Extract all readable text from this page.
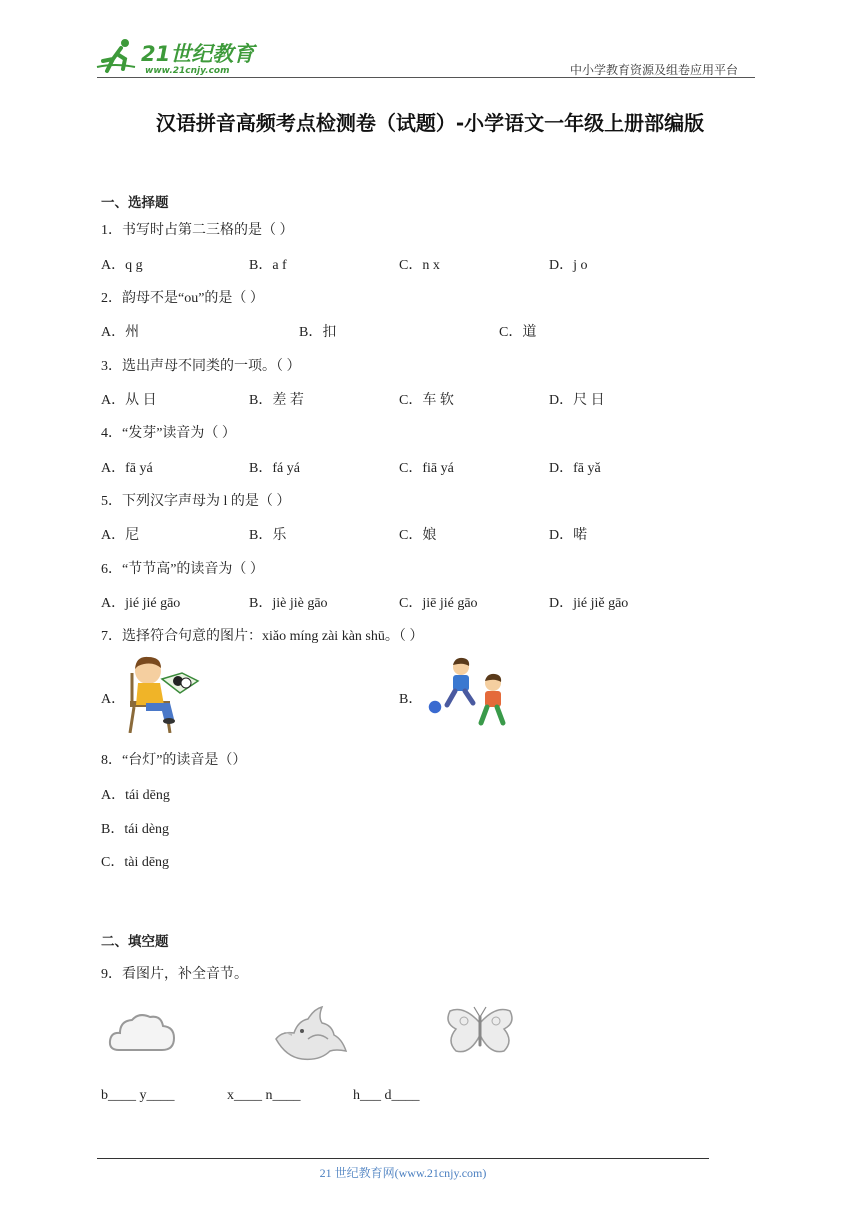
21世纪教育
www.21cnjy.com	中小学教育资源及组卷应用平台
汉语拼音高频考点检测卷（试题）-小学语文一年级上册部编版
一、选择题
1．书写时占第二三格的是（ ）
A．q g	B．a f	C．n x	D．j o
2．韵母不是“ou”的是（ ）
A．州	B．扣	C．道
3．选出声母不同类的一项。（ ）
A．从 日	B．差 若	C．车 软	D．尺 日
4．“发芽”读音为（ ）
A．fā yá	B．fá yá	C．fiā yá	D．fā yǎ
5．下列汉字声母为 l 的是（ ）
A．尼	B．乐	C．娘	D．喏
6．“节节高”的读音为（ ）
A．jié jié gāo	B．jiè jiè gāo	C．jiē jié gāo	D．jié jiě gāo
7．选择符合句意的图片：xiǎo míng zài kàn shū。（ ）
A．	B．
8．“台灯”的读音是（）
A．tái dēng
B．tái dèng
C．tài dēng
二、填空题
9．看图片，补全音节。
b____ y____	x____ n____	h___ d____
21 世纪教育网(www.21cnjy.com)
